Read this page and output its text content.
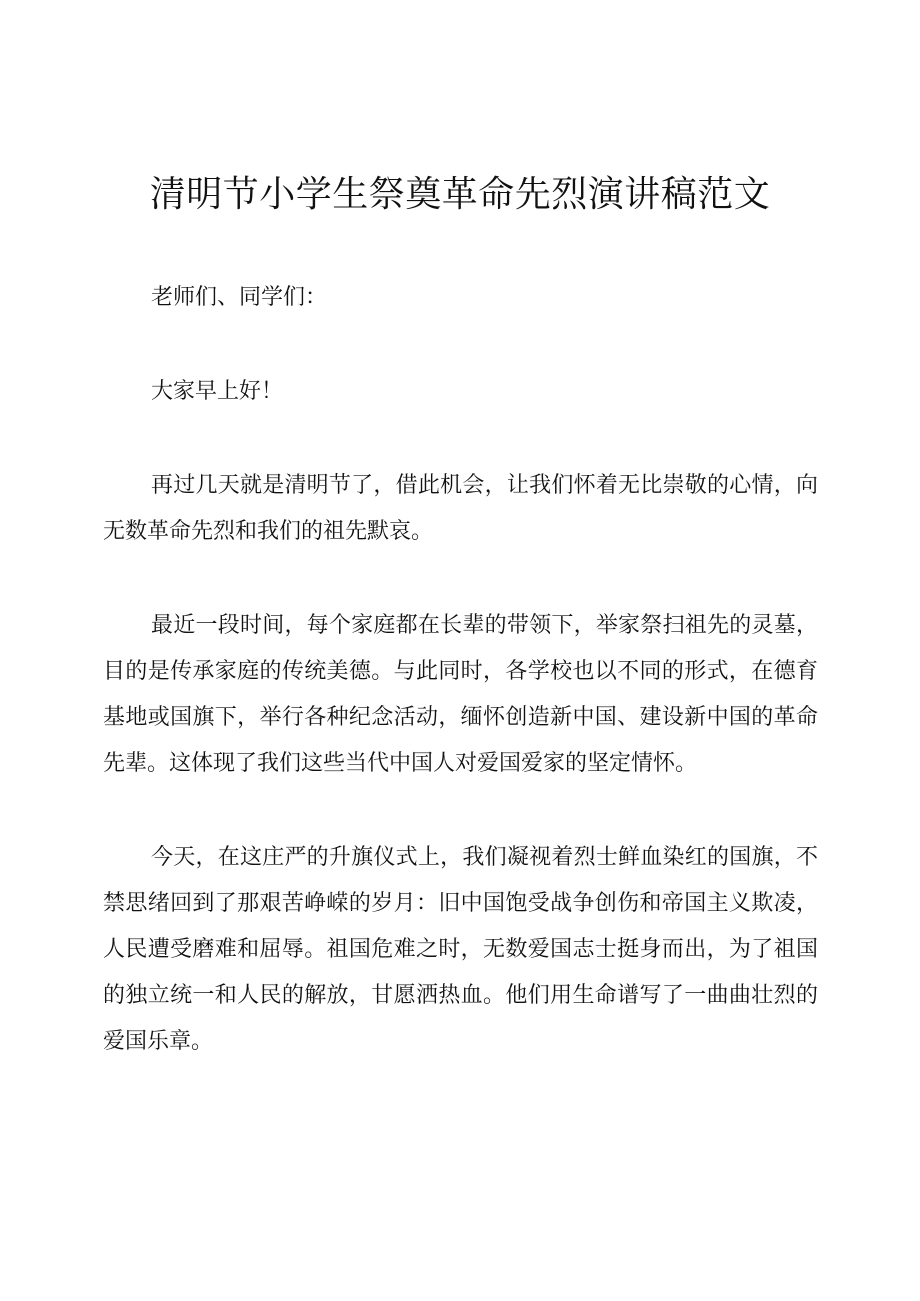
清明节小学生祭奠革命先烈演讲稿范文

老师们、同学们：

大家早上好！

再过几天就是清明节了，借此机会，让我们怀着无比崇敬的心情，向无数革命先烈和我们的祖先默哀。

最近一段时间，每个家庭都在长辈的带领下，举家祭扫祖先的灵墓，目的是传承家庭的传统美德。与此同时，各学校也以不同的形式，在德育基地或国旗下，举行各种纪念活动，缅怀创造新中国、建设新中国的革命先辈。这体现了我们这些当代中国人对爱国爱家的坚定情怀。

今天，在这庄严的升旗仪式上，我们凝视着烈士鲜血染红的国旗，不禁思绪回到了那艰苦峥嵘的岁月：旧中国饱受战争创伤和帝国主义欺凌，人民遭受磨难和屈辱。祖国危难之时，无数爱国志士挺身而出，为了祖国的独立统一和人民的解放，甘愿洒热血。他们用生命谱写了一曲曲壮烈的爱国乐章。
